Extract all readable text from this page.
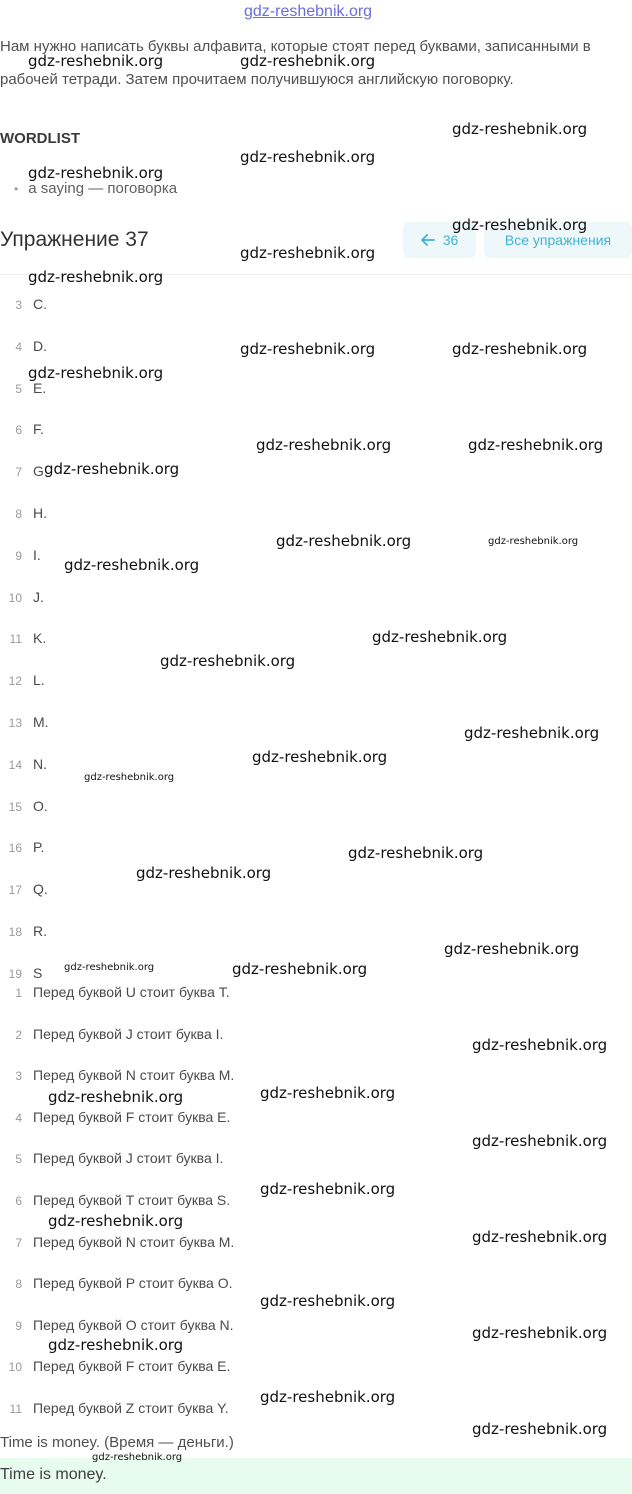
gdz-reshebnik.org

Нам нужно написать буквы алфавита, которые стоят перед буквами, записанными в рабочей тетради. Затем прочитаем получившуюся английскую поговорку.

WORDLIST
• a saying — поговорка
Упражнение 37	36	Все упражнения
3 C.
4 D.
5 E.
6 F.
7 G.
8 H.
9 I.
10 J.
11 K.
12 L.
13 M.
14 N.
15 O.
16 P.
17 Q.
18 R.
19 S
1 Перед буквой U стоит буква T.
2 Перед буквой J стоит буква I.
3 Перед буквой N стоит буква M.
4 Перед буквой F стоит буква E.
5 Перед буквой J стоит буква I.
6 Перед буквой T стоит буква S.
7 Перед буквой N стоит буква M.
8 Перед буквой P стоит буква O.
9 Перед буквой O стоит буква N.
10 Перед буквой F стоит буква E.
11 Перед буквой Z стоит буква Y.
Time is money. (Время — деньги.)
Time is money.
gdz-reshebnik.org	gdz-reshebnik.org
gdz-reshebnik.org
gdz-reshebnik.org
gdz-reshebnik.org
gdz-reshebnik.org
gdz-reshebnik.org
gdz-reshebnik.org
gdz-reshebnik.org	gdz-reshebnik.org
gdz-reshebnik.org
gdz-reshebnik.org	gdz-reshebnik.org
gdz-reshebnik.org
gdz-reshebnik.org	gdz-reshebnik.org
gdz-reshebnik.org
gdz-reshebnik.org
gdz-reshebnik.org
gdz-reshebnik.org
gdz-reshebnik.org
gdz-reshebnik.org
gdz-reshebnik.org
gdz-reshebnik.org
gdz-reshebnik.org
gdz-reshebnik.org	gdz-reshebnik.org
gdz-reshebnik.org
gdz-reshebnik.org	gdz-reshebnik.org
gdz-reshebnik.org
gdz-reshebnik.org
gdz-reshebnik.org
gdz-reshebnik.org
gdz-reshebnik.org
gdz-reshebnik.org
gdz-reshebnik.org
gdz-reshebnik.org
gdz-reshebnik.org
gdz-reshebnik.org
